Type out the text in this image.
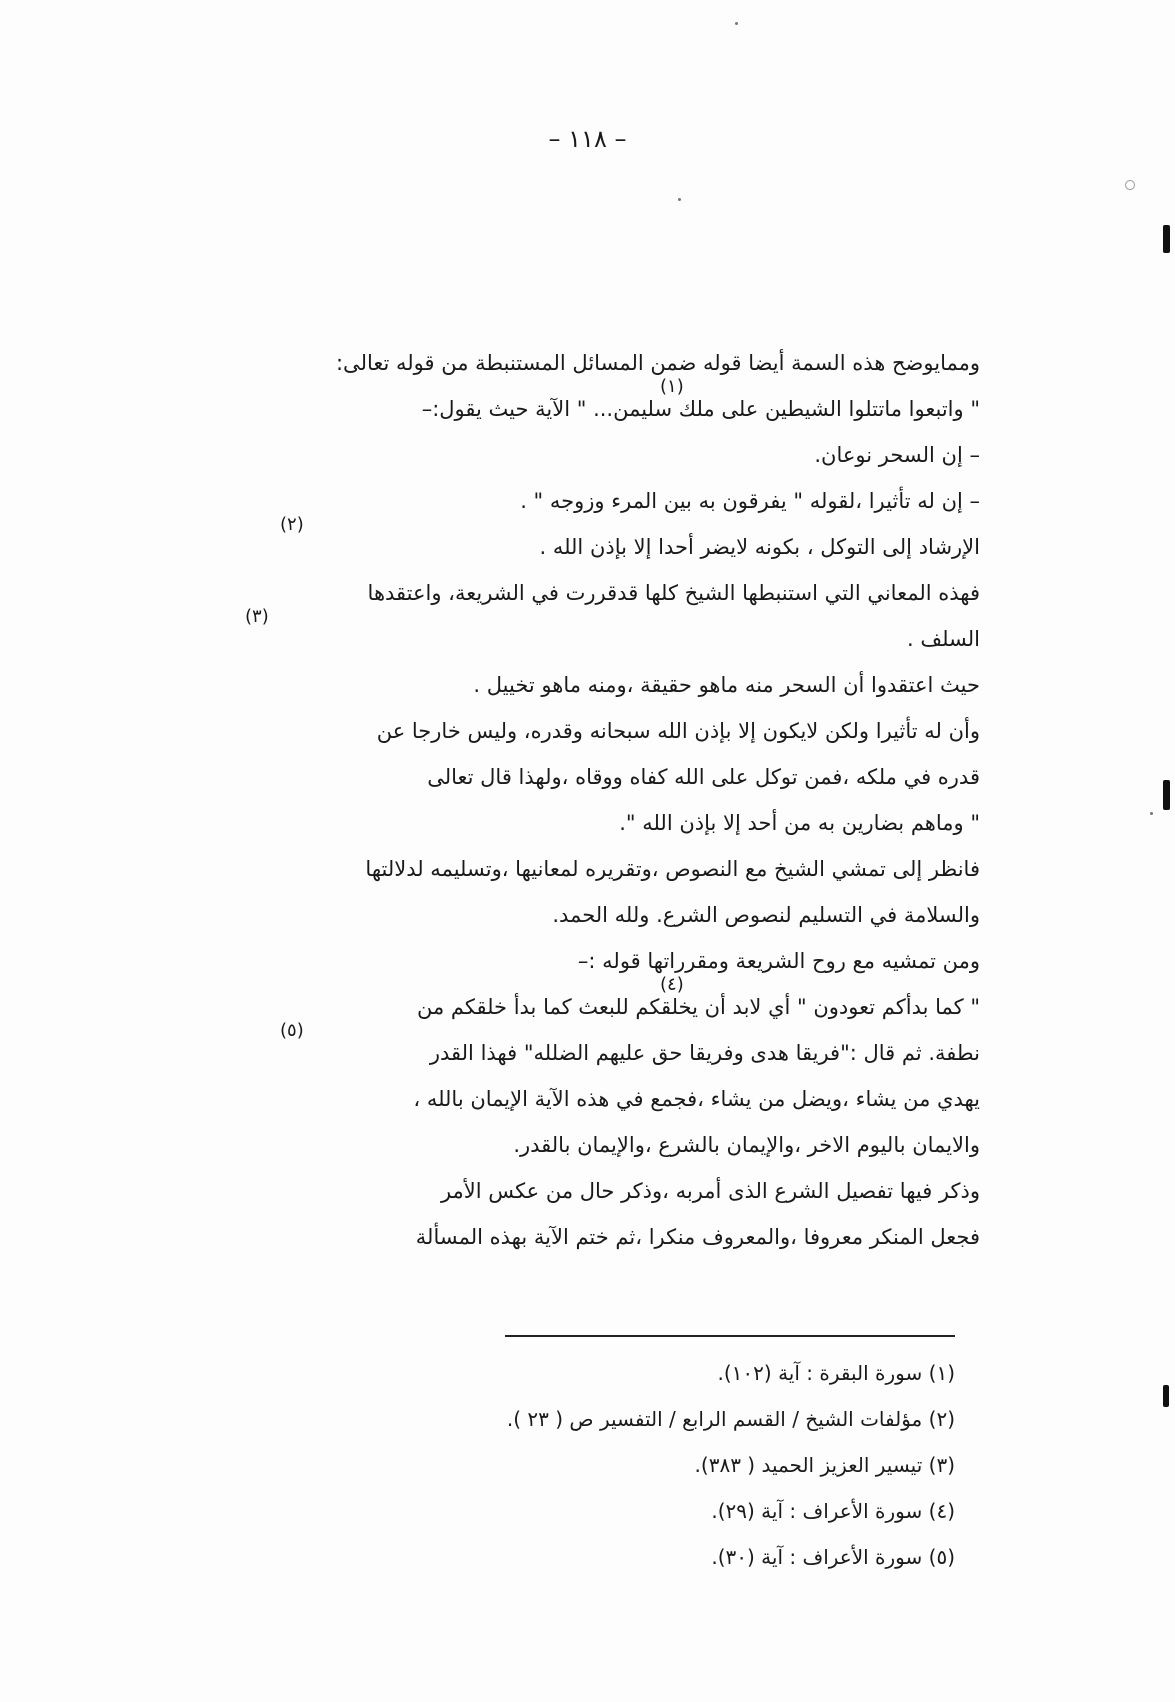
– ١١٨ –
وممايوضح هذه السمة أيضا قوله ضمن المسائل المستنبطة من قوله تعالى:
(١)
" واتبعوا ماتتلوا الشيطين على ملك سليمن... " الآية حيث يقول:–
– إن السحر نوعان.
– إن له تأثيرا ،لقوله " يفرقون به بين المرء وزوجه " .
(٢)
الإرشاد إلى التوكل ، بكونه لايضر أحدا إلا بإذن الله .
فهذه المعاني التي استنبطها الشيخ كلها قدقررت في الشريعة، واعتقدها
(٣)
السلف .
حيث اعتقدوا أن السحر منه ماهو حقيقة ،ومنه ماهو تخييل .
وأن له تأثيرا ولكن لايكون إلا بإذن الله سبحانه وقدره، وليس خارجا عن
قدره في ملكه ،فمن توكل على الله كفاه ووقاه ،ولهذا قال تعالى
" وماهم بضارين به من أحد إلا بإذن الله ".
فانظر إلى تمشي الشيخ مع النصوص ،وتقريره لمعانيها ،وتسليمه لدلالتها
والسلامة في التسليم لنصوص الشرع. ولله الحمد.
ومن تمشيه مع روح الشريعة ومقرراتها قوله :–
(٤)
" كما بدأكم تعودون " أي لابد أن يخلقكم للبعث كما بدأ خلقكم من
(٥)
نطفة. ثم قال :"فريقا هدى وفريقا حق عليهم الضلله" فهذا القدر
يهدي من يشاء ،ويضل من يشاء ،فجمع في هذه الآية الإيمان بالله ،
والايمان باليوم الاخر ،والإيمان بالشرع ،والإيمان بالقدر.
وذكر فيها تفصيل الشرع الذى أمربه ،وذكر حال من عكس الأمر
فجعل المنكر معروفا ،والمعروف منكرا ،ثم ختم الآية بهذه المسألة
(١) سورة البقرة : آية (١٠٢).
(٢) مؤلفات الشيخ / القسم الرابع / التفسير ص ( ٢٣ ).
(٣) تيسير العزيز الحميد ( ٣٨٣).
(٤) سورة الأعراف : آية (٢٩).
(٥) سورة الأعراف : آية (٣٠).
